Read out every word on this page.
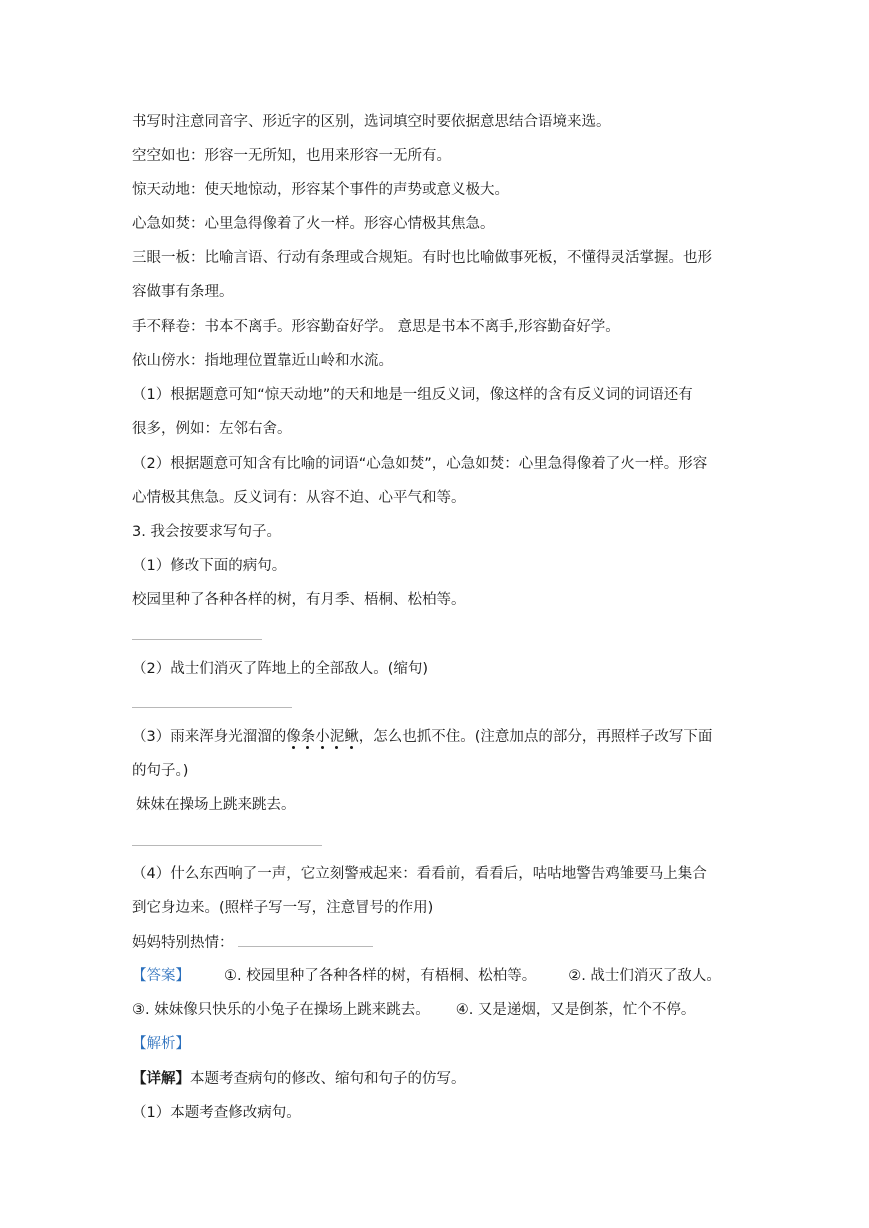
书写时注意同音字、形近字的区别，选词填空时要依据意思结合语境来选。
空空如也：形容一无所知，也用来形容一无所有。
惊天动地：使天地惊动，形容某个事件的声势或意义极大。
心急如焚：心里急得像着了火一样。形容心情极其焦急。
三眼一板：比喻言语、行动有条理或合规矩。有时也比喻做事死板，不懂得灵活掌握。也形
容做事有条理。
手不释卷：书本不离手。形容勤奋好学。 意思是书本不离手,形容勤奋好学。
依山傍水：指地理位置靠近山岭和水流。
（1）根据题意可知“惊天动地”的天和地是一组反义词，像这样的含有反义词的词语还有
很多，例如：左邻右舍。
（2）根据题意可知含有比喻的词语“心急如焚”，心急如焚：心里急得像着了火一样。形容
心情极其焦急。反义词有：从容不迫、心平气和等。
3. 我会按要求写句子。
（1）修改下面的病句。
校园里种了各种各样的树，有月季、梧桐、松柏等。
（2）战士们消灭了阵地上的全部敌人。(缩句)
（3）雨来浑身光溜溜的像
条
小
泥
鳅
，怎么也抓不住。(注意加点的部分，再照样子改写下面
的句子。)
妹妹在操场上跳来跳去。
（4）什么东西响了一声，它立刻警戒起来：看看前，看看后，咕咕地警告鸡雏要马上集合
到它身边来。(照样子写一写，注意冒号的作用)
妈妈特别热情：
【答案】 ①. 校园里种了各种各样的树，有梧桐、松柏等。 ②. 战士们消灭了敌人。
③. 妹妹像只快乐的小兔子在操场上跳来跳去。 ④. 又是递烟，又是倒茶，忙个不停。
【解析】
【详解】本题考查病句的修改、缩句和句子的仿写。
（1）本题考查修改病句。
